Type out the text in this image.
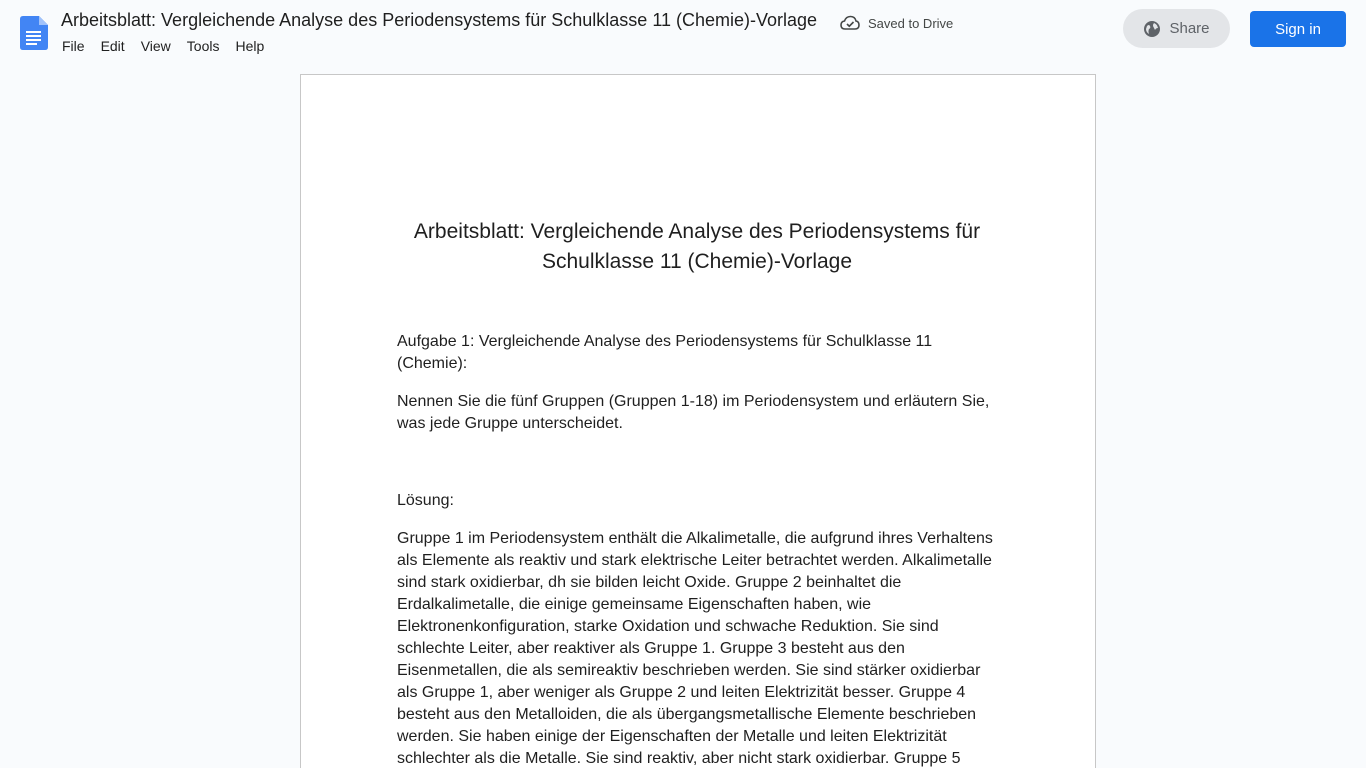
Arbeitsblatt: Vergleichende Analyse des Periodensystems für Schulklasse 11 (Chemie)-Vorlage	Saved to Drive
File	Edit	View	Tools	Help
Share	Sign in
Arbeitsblatt: Vergleichende Analyse des Periodensystems für Schulklasse 11 (Chemie)-Vorlage
Aufgabe 1: Vergleichende Analyse des Periodensystems für Schulklasse 11 (Chemie):
Nennen Sie die fünf Gruppen (Gruppen 1-18) im Periodensystem und erläutern Sie, was jede Gruppe unterscheidet.
Lösung:
Gruppe 1 im Periodensystem enthält die Alkalimetalle, die aufgrund ihres Verhaltens als Elemente als reaktiv und stark elektrische Leiter betrachtet werden. Alkalimetalle sind stark oxidierbar, dh sie bilden leicht Oxide. Gruppe 2 beinhaltet die Erdalkalimetalle, die einige gemeinsame Eigenschaften haben, wie Elektronenkonfiguration, starke Oxidation und schwache Reduktion. Sie sind schlechte Leiter, aber reaktiver als Gruppe 1. Gruppe 3 besteht aus den Eisenmetallen, die als semireaktiv beschrieben werden. Sie sind stärker oxidierbar als Gruppe 1, aber weniger als Gruppe 2 und leiten Elektrizität besser. Gruppe 4 besteht aus den Metalloiden, die als übergangsmetallische Elemente beschrieben werden. Sie haben einige der Eigenschaften der Metalle und leiten Elektrizität schlechter als die Metalle. Sie sind reaktiv, aber nicht stark oxidierbar. Gruppe 5
